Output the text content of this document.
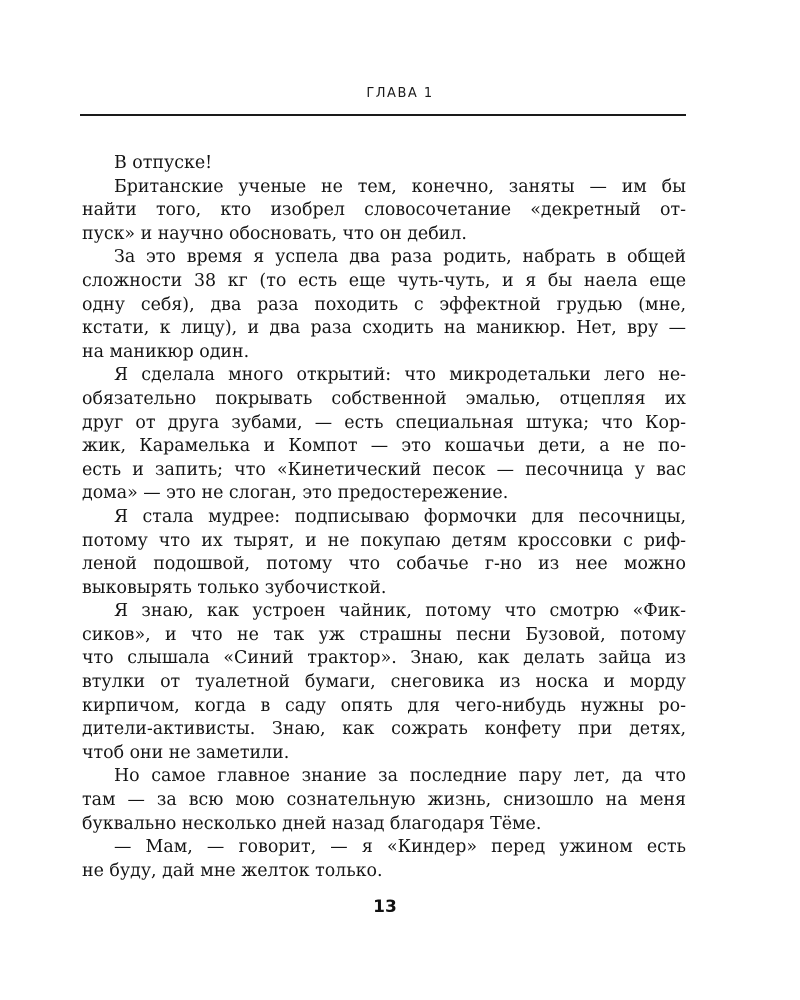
ГЛАВА 1
В отпуске!
Британские ученые не тем, конечно, заняты — им бы
найти того, кто изобрел словосочетание «декретный от-
пуск» и научно обосновать, что он дебил.
За это время я успела два раза родить, набрать в общей
сложности 38 кг (то есть еще чуть-чуть, и я бы наела еще
одну себя), два раза походить с эффектной грудью (мне,
кстати, к лицу), и два раза сходить на маникюр. Нет, вру —
на маникюр один.
Я сделала много открытий: что микродетальки лего не-
обязательно покрывать собственной эмалью, отцепляя их
друг от друга зубами, — есть специальная штука; что Кор-
жик, Карамелька и Компот — это кошачьи дети, а не по-
есть и запить; что «Кинетический песок — песочница у вас
дома» — это не слоган, это предостережение.
Я стала мудрее: подписываю формочки для песочницы,
потому что их тырят, и не покупаю детям кроссовки с риф-
леной подошвой, потому что собачье г-но из нее можно
выковырять только зубочисткой.
Я знаю, как устроен чайник, потому что смотрю «Фик-
сиков», и что не так уж страшны песни Бузовой, потому
что слышала «Синий трактор». Знаю, как делать зайца из
втулки от туалетной бумаги, снеговика из носка и морду
кирпичом, когда в саду опять для чего-нибудь нужны ро-
дители-активисты. Знаю, как сожрать конфету при детях,
чтоб они не заметили.
Но самое главное знание за последние пару лет, да что
там — за всю мою сознательную жизнь, снизошло на меня
буквально несколько дней назад благодаря Тёме.
— Мам, — говорит, — я «Киндер» перед ужином есть
не буду, дай мне желток только.
13
